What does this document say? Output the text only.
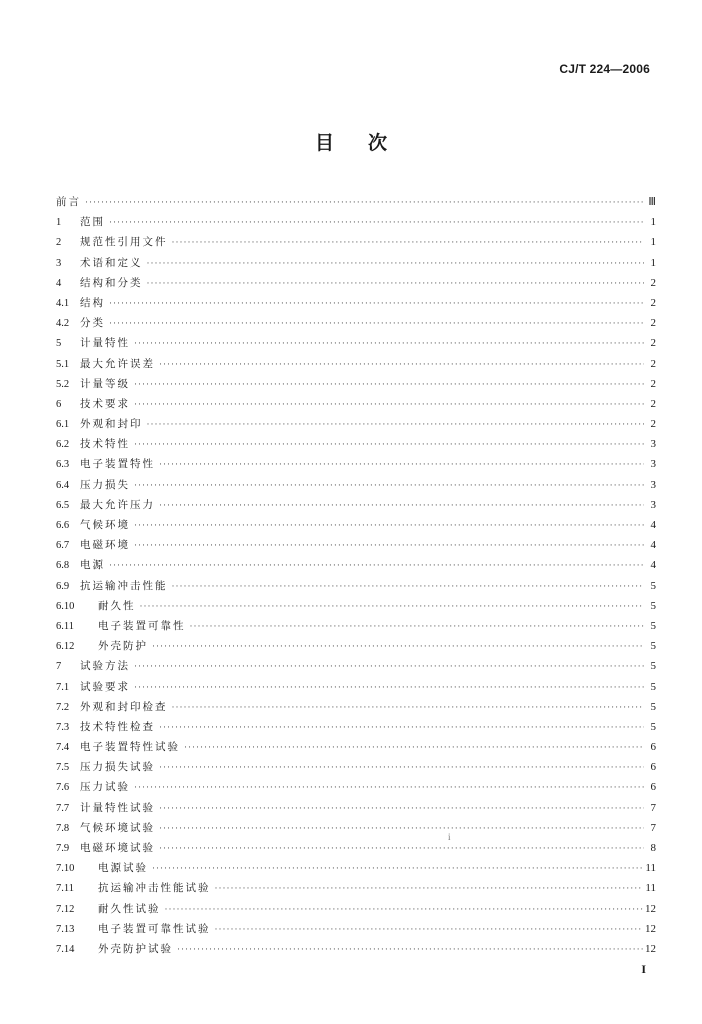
CJ/T 224—2006
目次
前言 ·····	Ⅲ
1	范围 ·····	1
2	规范性引用文件 ·····	1
3	术语和定义 ·····	1
4	结构和分类 ·····	2
4.1	结构 ·····	2
4.2	分类 ·····	2
5	计量特性 ·····	2
5.1	最大允许误差 ·····	2
5.2	计量等级 ·····	2
6	技术要求 ·····	2
6.1	外观和封印 ·····	2
6.2	技术特性 ·····	3
6.3	电子装置特性 ·····	3
6.4	压力损失 ·····	3
6.5	最大允许压力 ·····	3
6.6	气候环境 ·····	4
6.7	电磁环境 ·····	4
6.8	电源 ·····	4
6.9	抗运输冲击性能 ·····	5
6.10	耐久性 ·····	5
6.11	电子装置可靠性 ·····	5
6.12	外壳防护 ·····	5
7	试验方法 ·····	5
7.1	试验要求 ·····	5
7.2	外观和封印检查 ·····	5
7.3	技术特性检查 ·····	5
7.4	电子装置特性试验 ·····	6
7.5	压力损失试验 ·····	6
7.6	压力试验 ·····	6
7.7	计量特性试验 ·····	7
7.8	气候环境试验 ·····	7
7.9	电磁环境试验 ·····	8
7.10	电源试验 ·····	11
7.11	抗运输冲击性能试验 ·····	11
7.12	耐久性试验 ·····	12
7.13	电子装置可靠性试验 ·····	12
7.14	外壳防护试验 ·····	12
i
I
